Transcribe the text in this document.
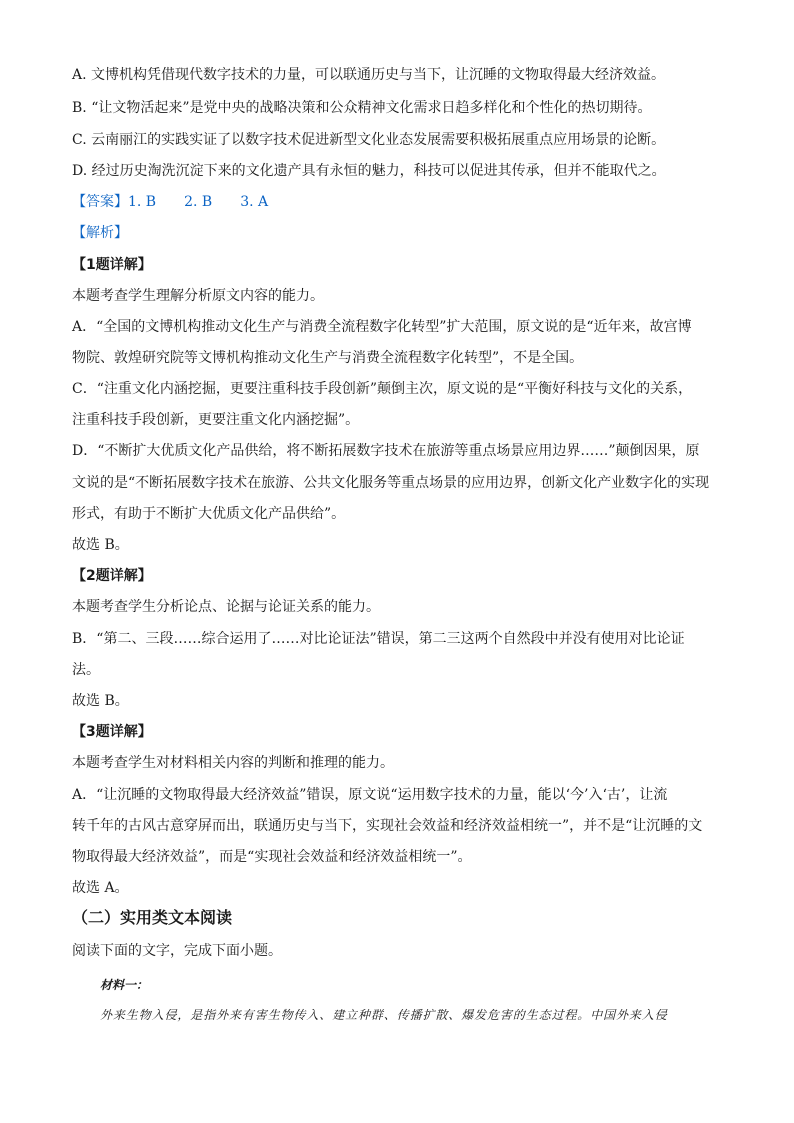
A. 文博机构凭借现代数字技术的力量，可以联通历史与当下，让沉睡的文物取得最大经济效益。
B. “让文物活起来”是党中央的战略决策和公众精神文化需求日趋多样化和个性化的热切期待。
C. 云南丽江的实践实证了以数字技术促进新型文化业态发展需要积极拓展重点应用场景的论断。
D. 经过历史淘洗沉淀下来的文化遗产具有永恒的魅力，科技可以促进其传承，但并不能取代之。
【答案】1. B　　2. B　　3. A
【解析】
【1题详解】
本题考查学生理解分析原文内容的能力。
A．“全国的文博机构推动文化生产与消费全流程数字化转型”扩大范围，原文说的是“近年来，故宫博
物院、敦煌研究院等文博机构推动文化生产与消费全流程数字化转型”，不是全国。
C．“注重文化内涵挖掘，更要注重科技手段创新”颠倒主次，原文说的是“平衡好科技与文化的关系，
注重科技手段创新，更要注重文化内涵挖掘”。
D．“不断扩大优质文化产品供给，将不断拓展数字技术在旅游等重点场景应用边界……”颠倒因果，原
文说的是“不断拓展数字技术在旅游、公共文化服务等重点场景的应用边界，创新文化产业数字化的实现
形式，有助于不断扩大优质文化产品供给”。
故选 B。
【2题详解】
本题考查学生分析论点、论据与论证关系的能力。
B．“第二、三段……综合运用了……对比论证法”错误，第二三这两个自然段中并没有使用对比论证
法。
故选 B。
【3题详解】
本题考查学生对材料相关内容的判断和推理的能力。
A．“让沉睡的文物取得最大经济效益”错误，原文说“运用数字技术的力量，能以‘今’入‘古’，让流
转千年的古风古意穿屏而出，联通历史与当下，实现社会效益和经济效益相统一”，并不是“让沉睡的文
物取得最大经济效益”，而是“实现社会效益和经济效益相统一”。
故选 A。
（二）实用类文本阅读
阅读下面的文字，完成下面小题。
材料一：
外来生物入侵，是指外来有害生物传入、建立种群、传播扩散、爆发危害的生态过程。中国外来入侵
